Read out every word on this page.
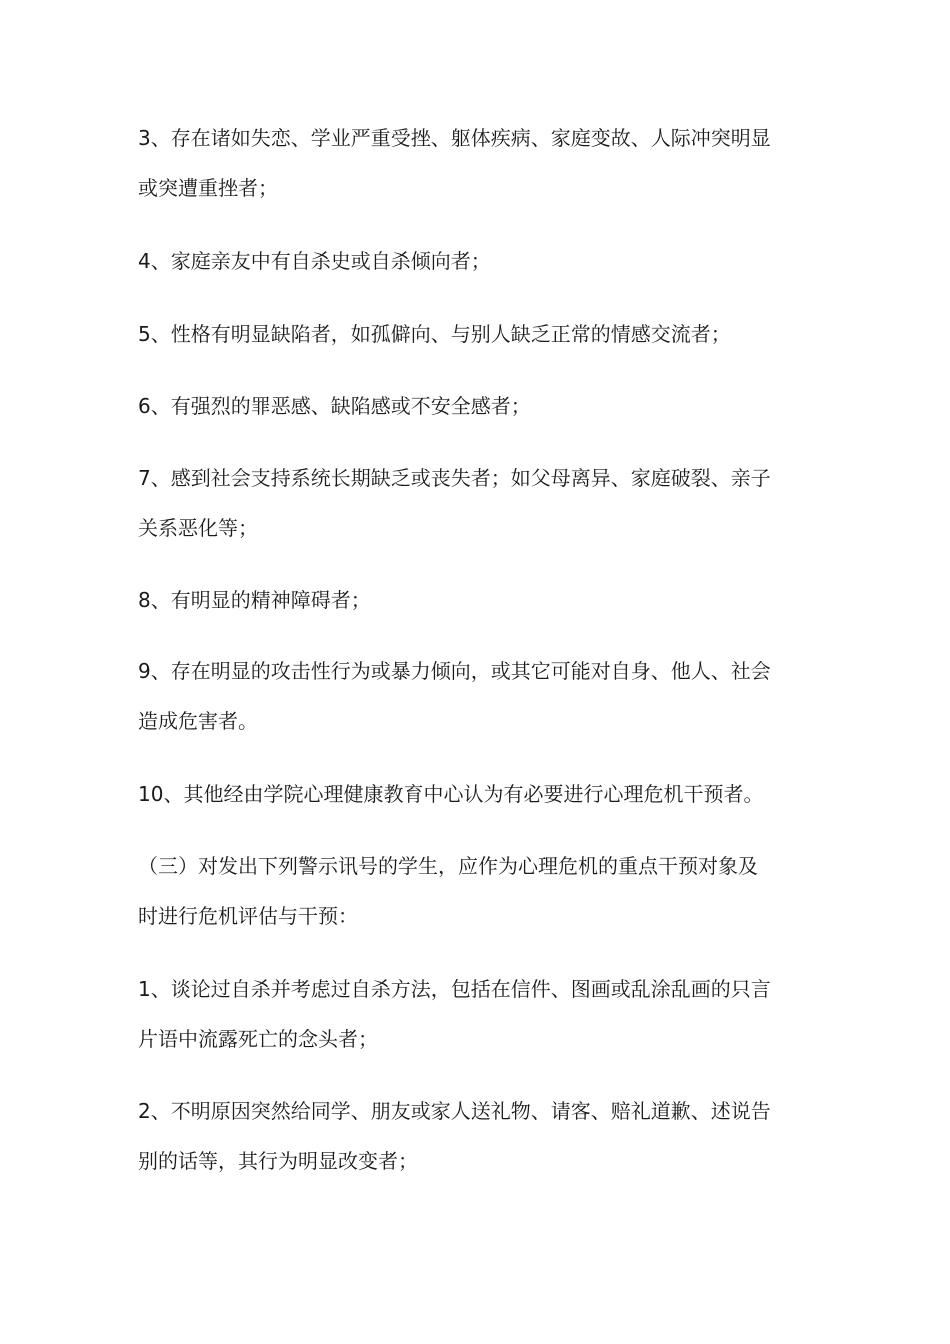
3、存在诸如失恋、学业严重受挫、躯体疾病、家庭变故、人际冲突明显
或突遭重挫者；

4、家庭亲友中有自杀史或自杀倾向者；

5、性格有明显缺陷者，如孤僻向、与别人缺乏正常的情感交流者；

6、有强烈的罪恶感、缺陷感或不安全感者；

7、感到社会支持系统长期缺乏或丧失者；如父母离异、家庭破裂、亲子
关系恶化等；

8、有明显的精神障碍者；

9、存在明显的攻击性行为或暴力倾向，或其它可能对自身、他人、社会
造成危害者。

10、其他经由学院心理健康教育中心认为有必要进行心理危机干预者。

（三）对发出下列警示讯号的学生，应作为心理危机的重点干预对象及
时进行危机评估与干预：

1、谈论过自杀并考虑过自杀方法，包括在信件、图画或乱涂乱画的只言
片语中流露死亡的念头者；

2、不明原因突然给同学、朋友或家人送礼物、请客、赔礼道歉、述说告
别的话等，其行为明显改变者；
